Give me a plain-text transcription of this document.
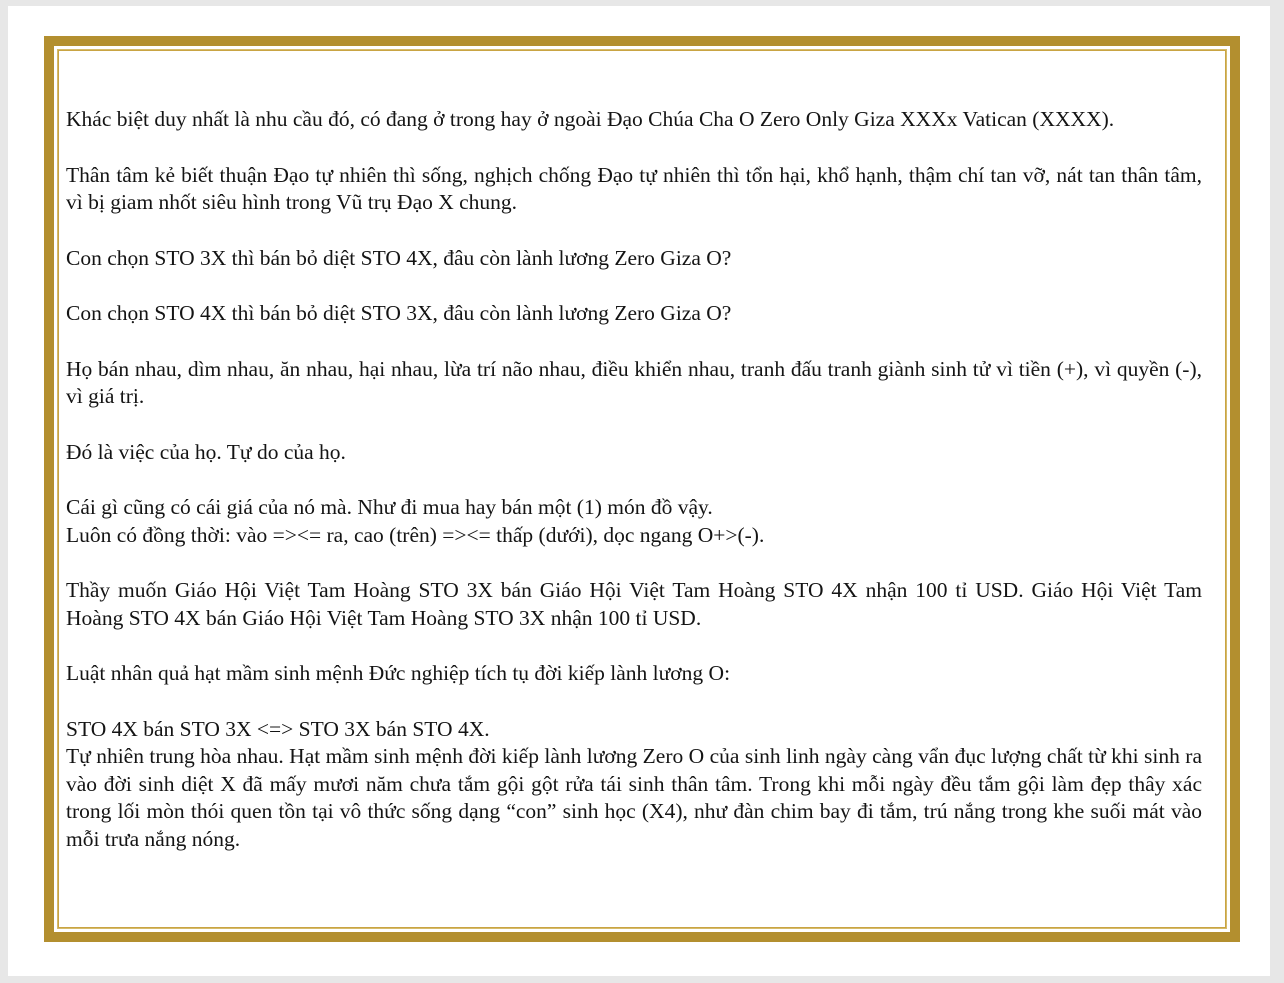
Khác biệt duy nhất là nhu cầu đó, có đang ở trong hay ở ngoài Đạo Chúa Cha O Zero Only Giza XXXx Vatican (XXXX).

Thân tâm kẻ biết thuận Đạo tự nhiên thì sống, nghịch chống Đạo tự nhiên thì tổn hại, khổ hạnh, thậm chí tan vỡ, nát tan thân tâm, vì bị giam nhốt siêu hình trong Vũ trụ Đạo X chung.

Con chọn STO 3X thì bán bỏ diệt STO 4X, đâu còn lành lương Zero Giza O?

Con chọn STO 4X thì bán bỏ diệt STO 3X, đâu còn lành lương Zero Giza O?

Họ bán nhau, dìm nhau, ăn nhau, hại nhau, lừa trí não nhau, điều khiển nhau, tranh đấu tranh giành sinh tử vì tiền (+), vì quyền (-), vì giá trị.

Đó là việc của họ. Tự do của họ.

Cái gì cũng có cái giá của nó mà. Như đi mua hay bán một (1) món đồ vậy.
Luôn có đồng thời: vào =><= ra, cao (trên) =><= thấp (dưới), dọc ngang O+>(-).

Thầy muốn Giáo Hội Việt Tam Hoàng STO 3X bán Giáo Hội Việt Tam Hoàng STO 4X nhận 100 tỉ USD. Giáo Hội Việt Tam Hoàng STO 4X bán Giáo Hội Việt Tam Hoàng STO 3X nhận 100 tỉ USD.

Luật nhân quả hạt mầm sinh mệnh Đức nghiệp tích tụ đời kiếp lành lương O:

STO 4X bán STO 3X <=> STO 3X bán STO 4X.
Tự nhiên trung hòa nhau. Hạt mầm sinh mệnh đời kiếp lành lương Zero O của sinh linh ngày càng vẩn đục lượng chất từ khi sinh ra vào đời sinh diệt X đã mấy mươi năm chưa tắm gội gột rửa tái sinh thân tâm. Trong khi mỗi ngày đều tắm gội làm đẹp thây xác trong lối mòn thói quen tồn tại vô thức sống dạng “con” sinh học (X4), như đàn chim bay đi tắm, trú nắng trong khe suối mát vào mỗi trưa nắng nóng.
